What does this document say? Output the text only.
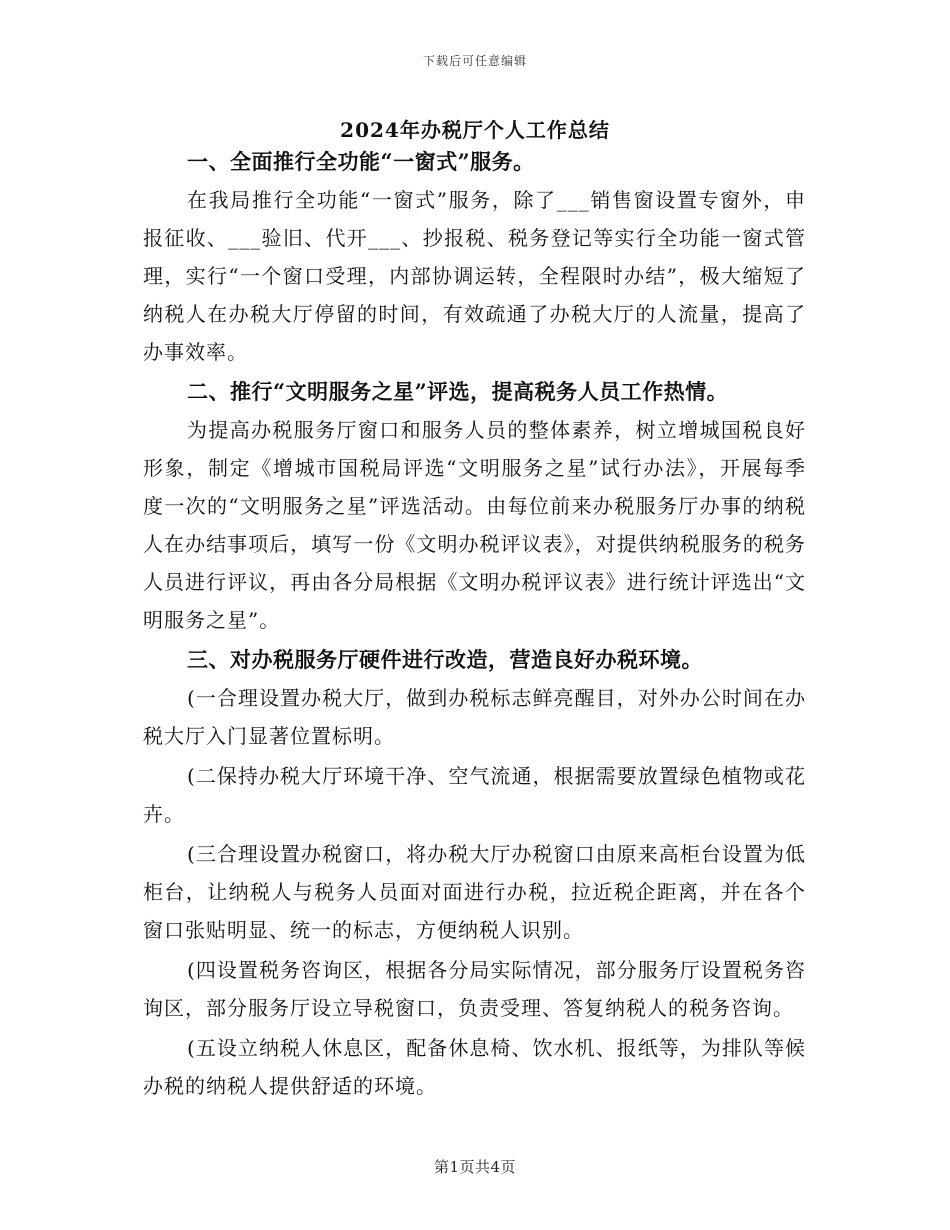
下载后可任意编辑
2024年办税厅个人工作总结
一、全面推行全功能“一窗式”服务。

在我局推行全功能“一窗式”服务，除了___销售窗设置专窗外，申报征收、___验旧、代开___、抄报税、税务登记等实行全功能一窗式管理，实行“一个窗口受理，内部协调运转，全程限时办结”，极大缩短了纳税人在办税大厅停留的时间，有效疏通了办税大厅的人流量，提高了办事效率。

二、推行“文明服务之星”评选，提高税务人员工作热情。

为提高办税服务厅窗口和服务人员的整体素养，树立增城国税良好形象，制定《增城市国税局评选“文明服务之星”试行办法》，开展每季度一次的“文明服务之星”评选活动。由每位前来办税服务厅办事的纳税人在办结事项后，填写一份《文明办税评议表》，对提供纳税服务的税务人员进行评议，再由各分局根据《文明办税评议表》进行统计评选出“文明服务之星”。

三、对办税服务厅硬件进行改造，营造良好办税环境。

(一合理设置办税大厅，做到办税标志鲜亮醒目，对外办公时间在办税大厅入门显著位置标明。

(二保持办税大厅环境干净、空气流通，根据需要放置绿色植物或花卉。

(三合理设置办税窗口，将办税大厅办税窗口由原来高柜台设置为低柜台，让纳税人与税务人员面对面进行办税，拉近税企距离，并在各个窗口张贴明显、统一的标志，方便纳税人识别。

(四设置税务咨询区，根据各分局实际情况，部分服务厅设置税务咨询区，部分服务厅设立导税窗口，负责受理、答复纳税人的税务咨询。

(五设立纳税人休息区，配备休息椅、饮水机、报纸等，为排队等候办税的纳税人提供舒适的环境。

第1页共4页
